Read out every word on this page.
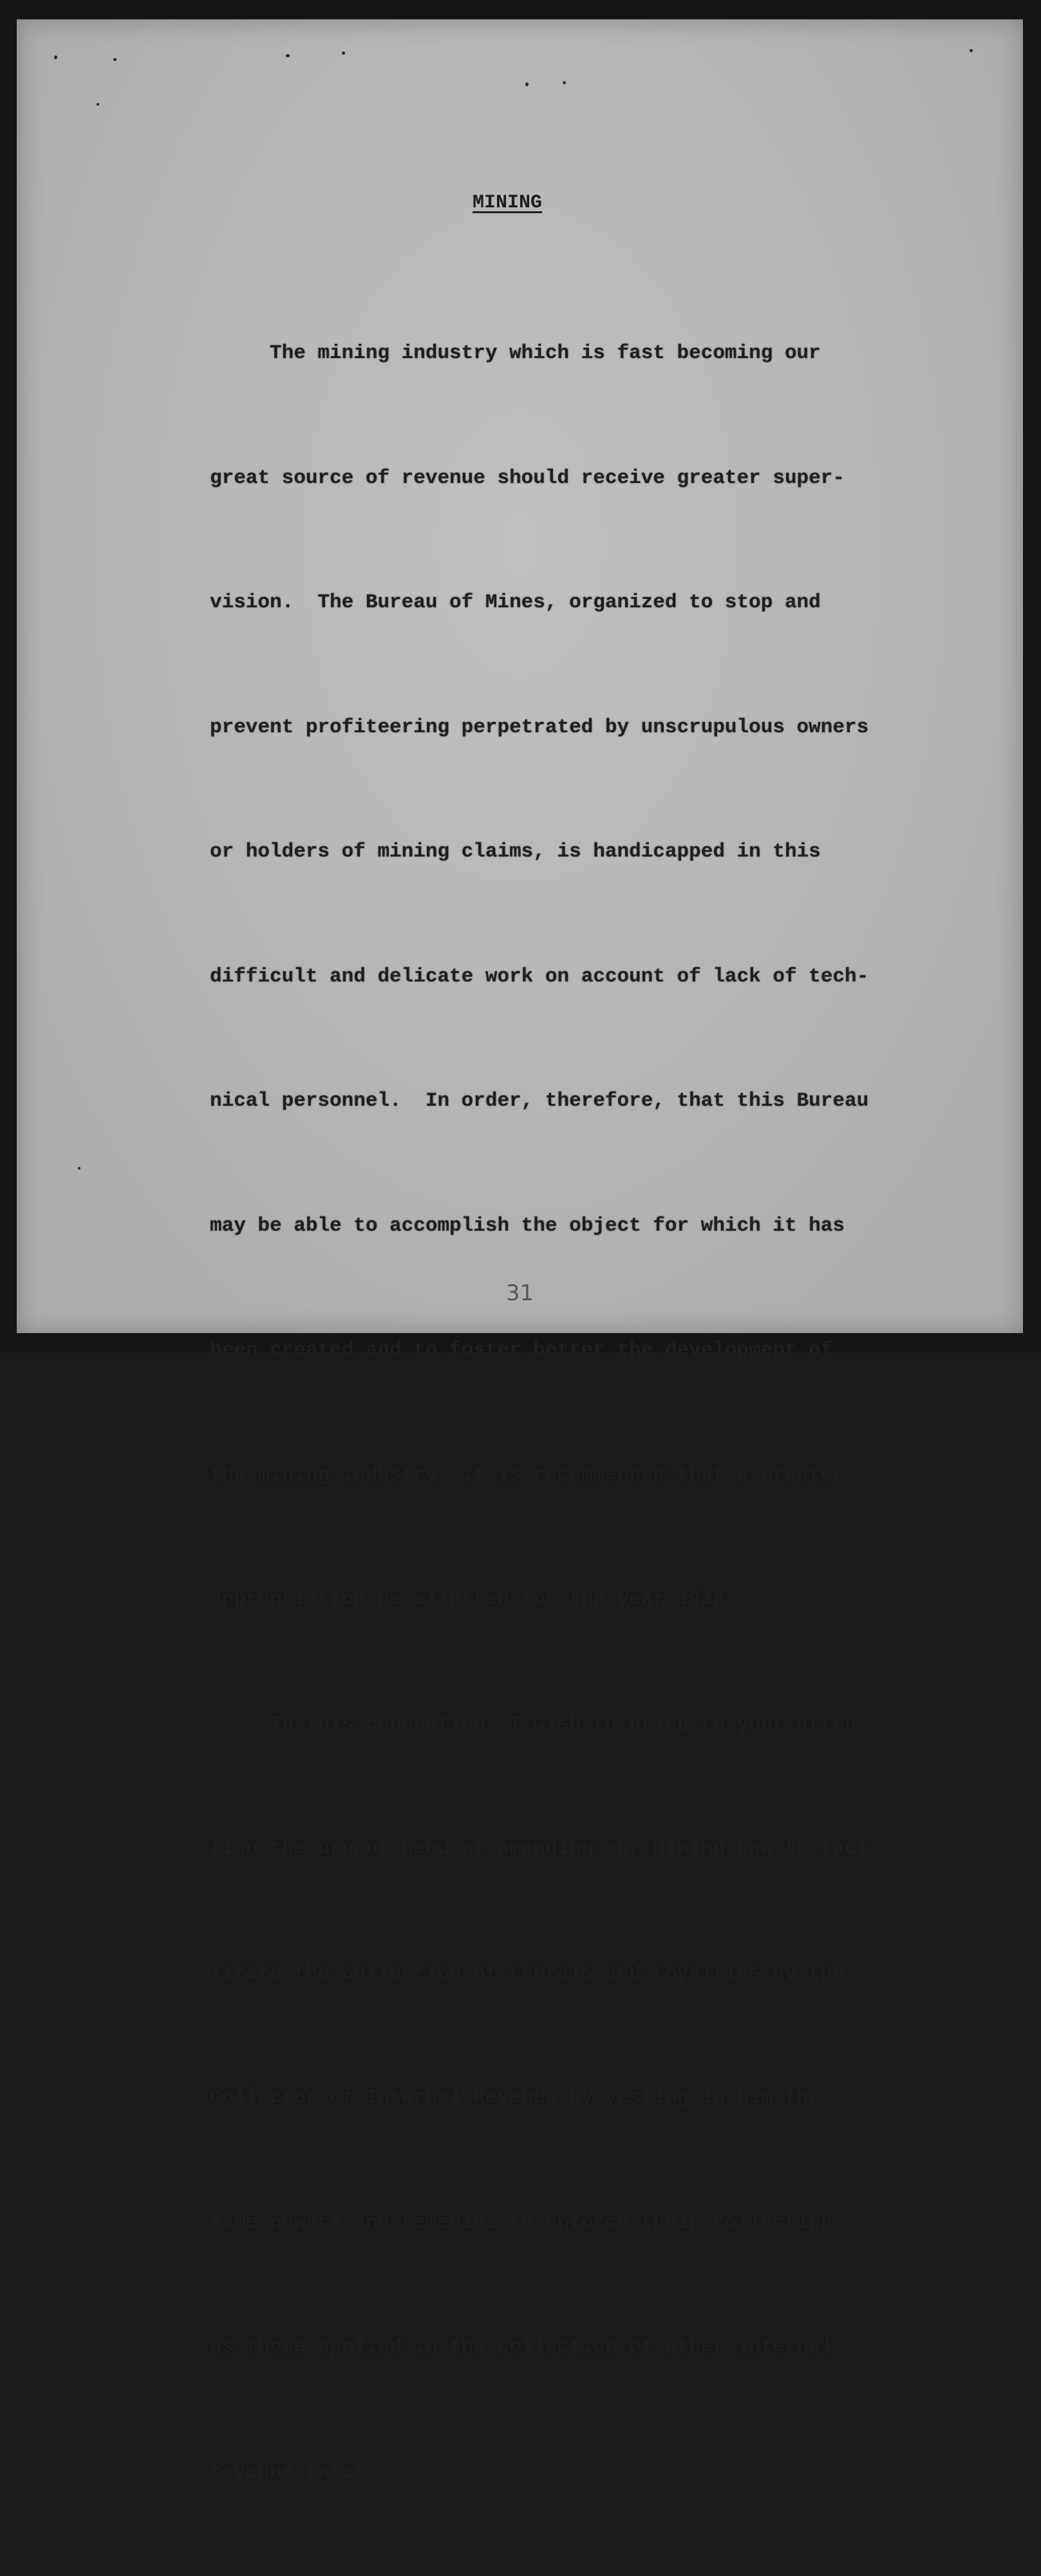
MINING

The mining industry which is fast becoming our

great source of revenue should receive greater super-

vision.  The Bureau of Mines, organized to stop and

prevent profiteering perpetrated by unscrupulous owners

or holders of mining claims, is handicapped in this

difficult and delicate work on account of lack of tech-

nical personnel.  In order, therefore, that this Bureau

may be able to accomplish the object for which it has

been created and to foster better the development of

the mining industry, it is recommended that a greater

appropriation be allotted for the year 1938.

In this connection, I wish to bring to your atten-

tion the urgent need of amending our Mining Law to faci-

litate the collection of rentals and royalties by the

Collector of Internal Revenue by vesting in him the

same powers and remedies to enforce their collection

as those applied in the collection of other internal

revenue taxes.

31
